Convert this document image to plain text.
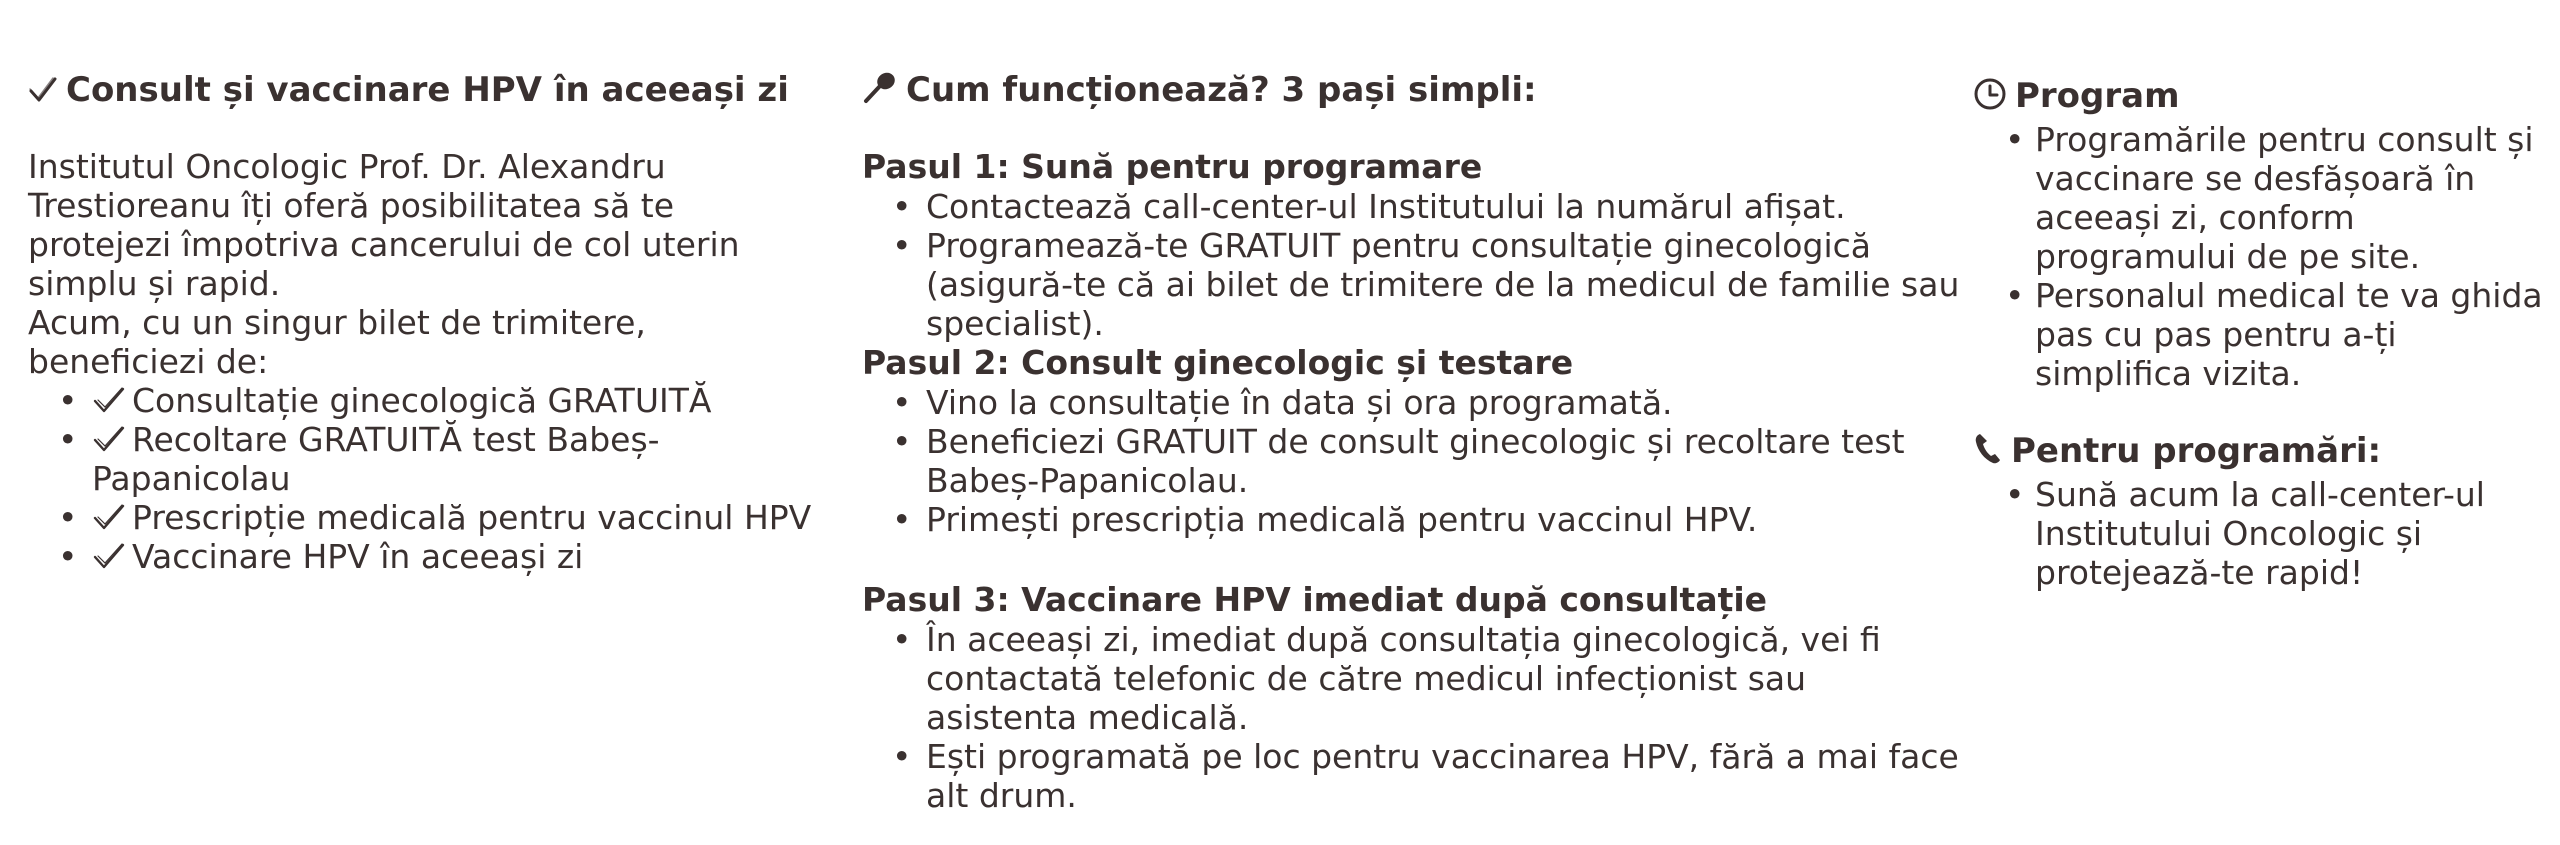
Consult și vaccinare HPV în aceeași zi

Institutul Oncologic Prof. Dr. Alexandru Trestioreanu îți oferă posibilitatea să te protejezi împotriva cancerului de col uterin simplu și rapid.

Acum, cu un singur bilet de trimitere, beneficiezi de:

• Consultație ginecologică GRATUITĂ
• Recoltare GRATUITĂ test Babeș-Papanicolau
• Prescripție medicală pentru vaccinul HPV
• Vaccinare HPV în aceeași zi
Cum funcționează? 3 pași simpli:
Pasul 1: Sună pentru programare
• Contactează call-center-ul Institutului la numărul afișat.
• Programează-te GRATUIT pentru consultație ginecologică (asigură-te că ai bilet de trimitere de la medicul de familie sau specialist).
Pasul 2: Consult ginecologic și testare
• Vino la consultație în data și ora programată.
• Beneficiezi GRATUIT de consult ginecologic și recoltare test Babeș-Papanicolau.
• Primești prescripția medicală pentru vaccinul HPV.
Pasul 3: Vaccinare HPV imediat după consultație
• În aceeași zi, imediat după consultația ginecologică, vei fi contactată telefonic de către medicul infecționist sau asistenta medicală.
• Ești programată pe loc pentru vaccinarea HPV, fără a mai face alt drum.
Program
• Programările pentru consult și vaccinare se desfășoară în aceeași zi, conform programului de pe site.
• Personalul medical te va ghida pas cu pas pentru a-ți simplifica vizita.
Pentru programări:
• Sună acum la call-center-ul Institutului Oncologic și protejează-te rapid!
